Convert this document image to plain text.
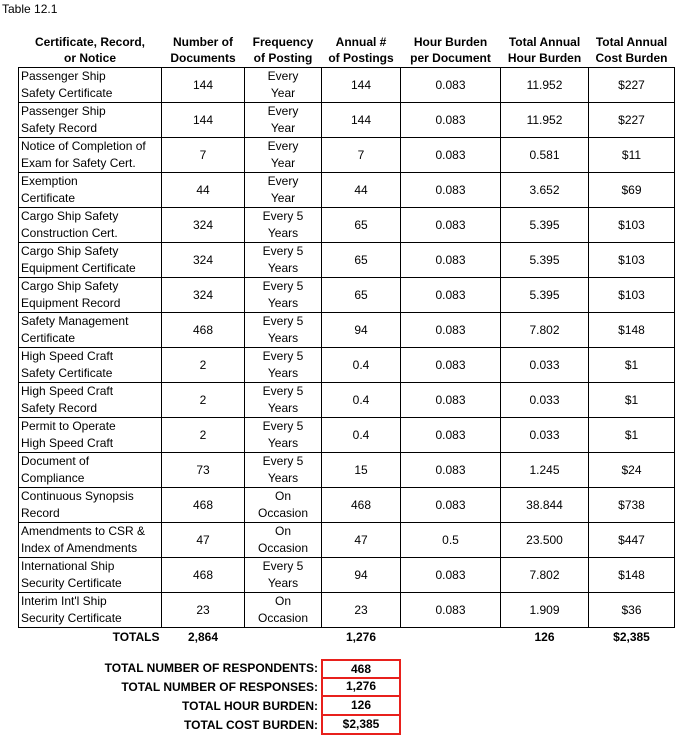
Table 12.1
Certificate, Record,
or Notice	Number of
Documents	Frequency
of Posting	Annual #
of Postings	Hour Burden
per Document	Total Annual
Hour Burden	Total Annual
Cost Burden
Passenger Ship
Safety Certificate	144	Every
Year	144	0.083	11.952	$227
Passenger Ship
Safety Record	144	Every
Year	144	0.083	11.952	$227
Notice of Completion of
Exam for Safety Cert.	7	Every
Year	7	0.083	0.581	$11
Exemption
Certificate	44	Every
Year	44	0.083	3.652	$69
Cargo Ship Safety
Construction Cert.	324	Every 5
Years	65	0.083	5.395	$103
Cargo Ship Safety
Equipment Certificate	324	Every 5
Years	65	0.083	5.395	$103
Cargo Ship Safety
Equipment Record	324	Every 5
Years	65	0.083	5.395	$103
Safety Management
Certificate	468	Every 5
Years	94	0.083	7.802	$148
High Speed Craft
Safety Certificate	2	Every 5
Years	0.4	0.083	0.033	$1
High Speed Craft
Safety Record	2	Every 5
Years	0.4	0.083	0.033	$1
Permit to Operate
High Speed Craft	2	Every 5
Years	0.4	0.083	0.033	$1
Document of
Compliance	73	Every 5
Years	15	0.083	1.245	$24
Continuous Synopsis
Record	468	On
Occasion	468	0.083	38.844	$738
Amendments to CSR &
Index of Amendments	47	On
Occasion	47	0.5	23.500	$447
International Ship
Security Certificate	468	Every 5
Years	94	0.083	7.802	$148
Interim Int'l Ship
Security Certificate	23	On
Occasion	23	0.083	1.909	$36
TOTALS	2,864		1,276		126	$2,385
TOTAL NUMBER OF RESPONDENTS:	468
TOTAL NUMBER OF RESPONSES:	1,276
TOTAL HOUR BURDEN:	126
TOTAL COST BURDEN:	$2,385
